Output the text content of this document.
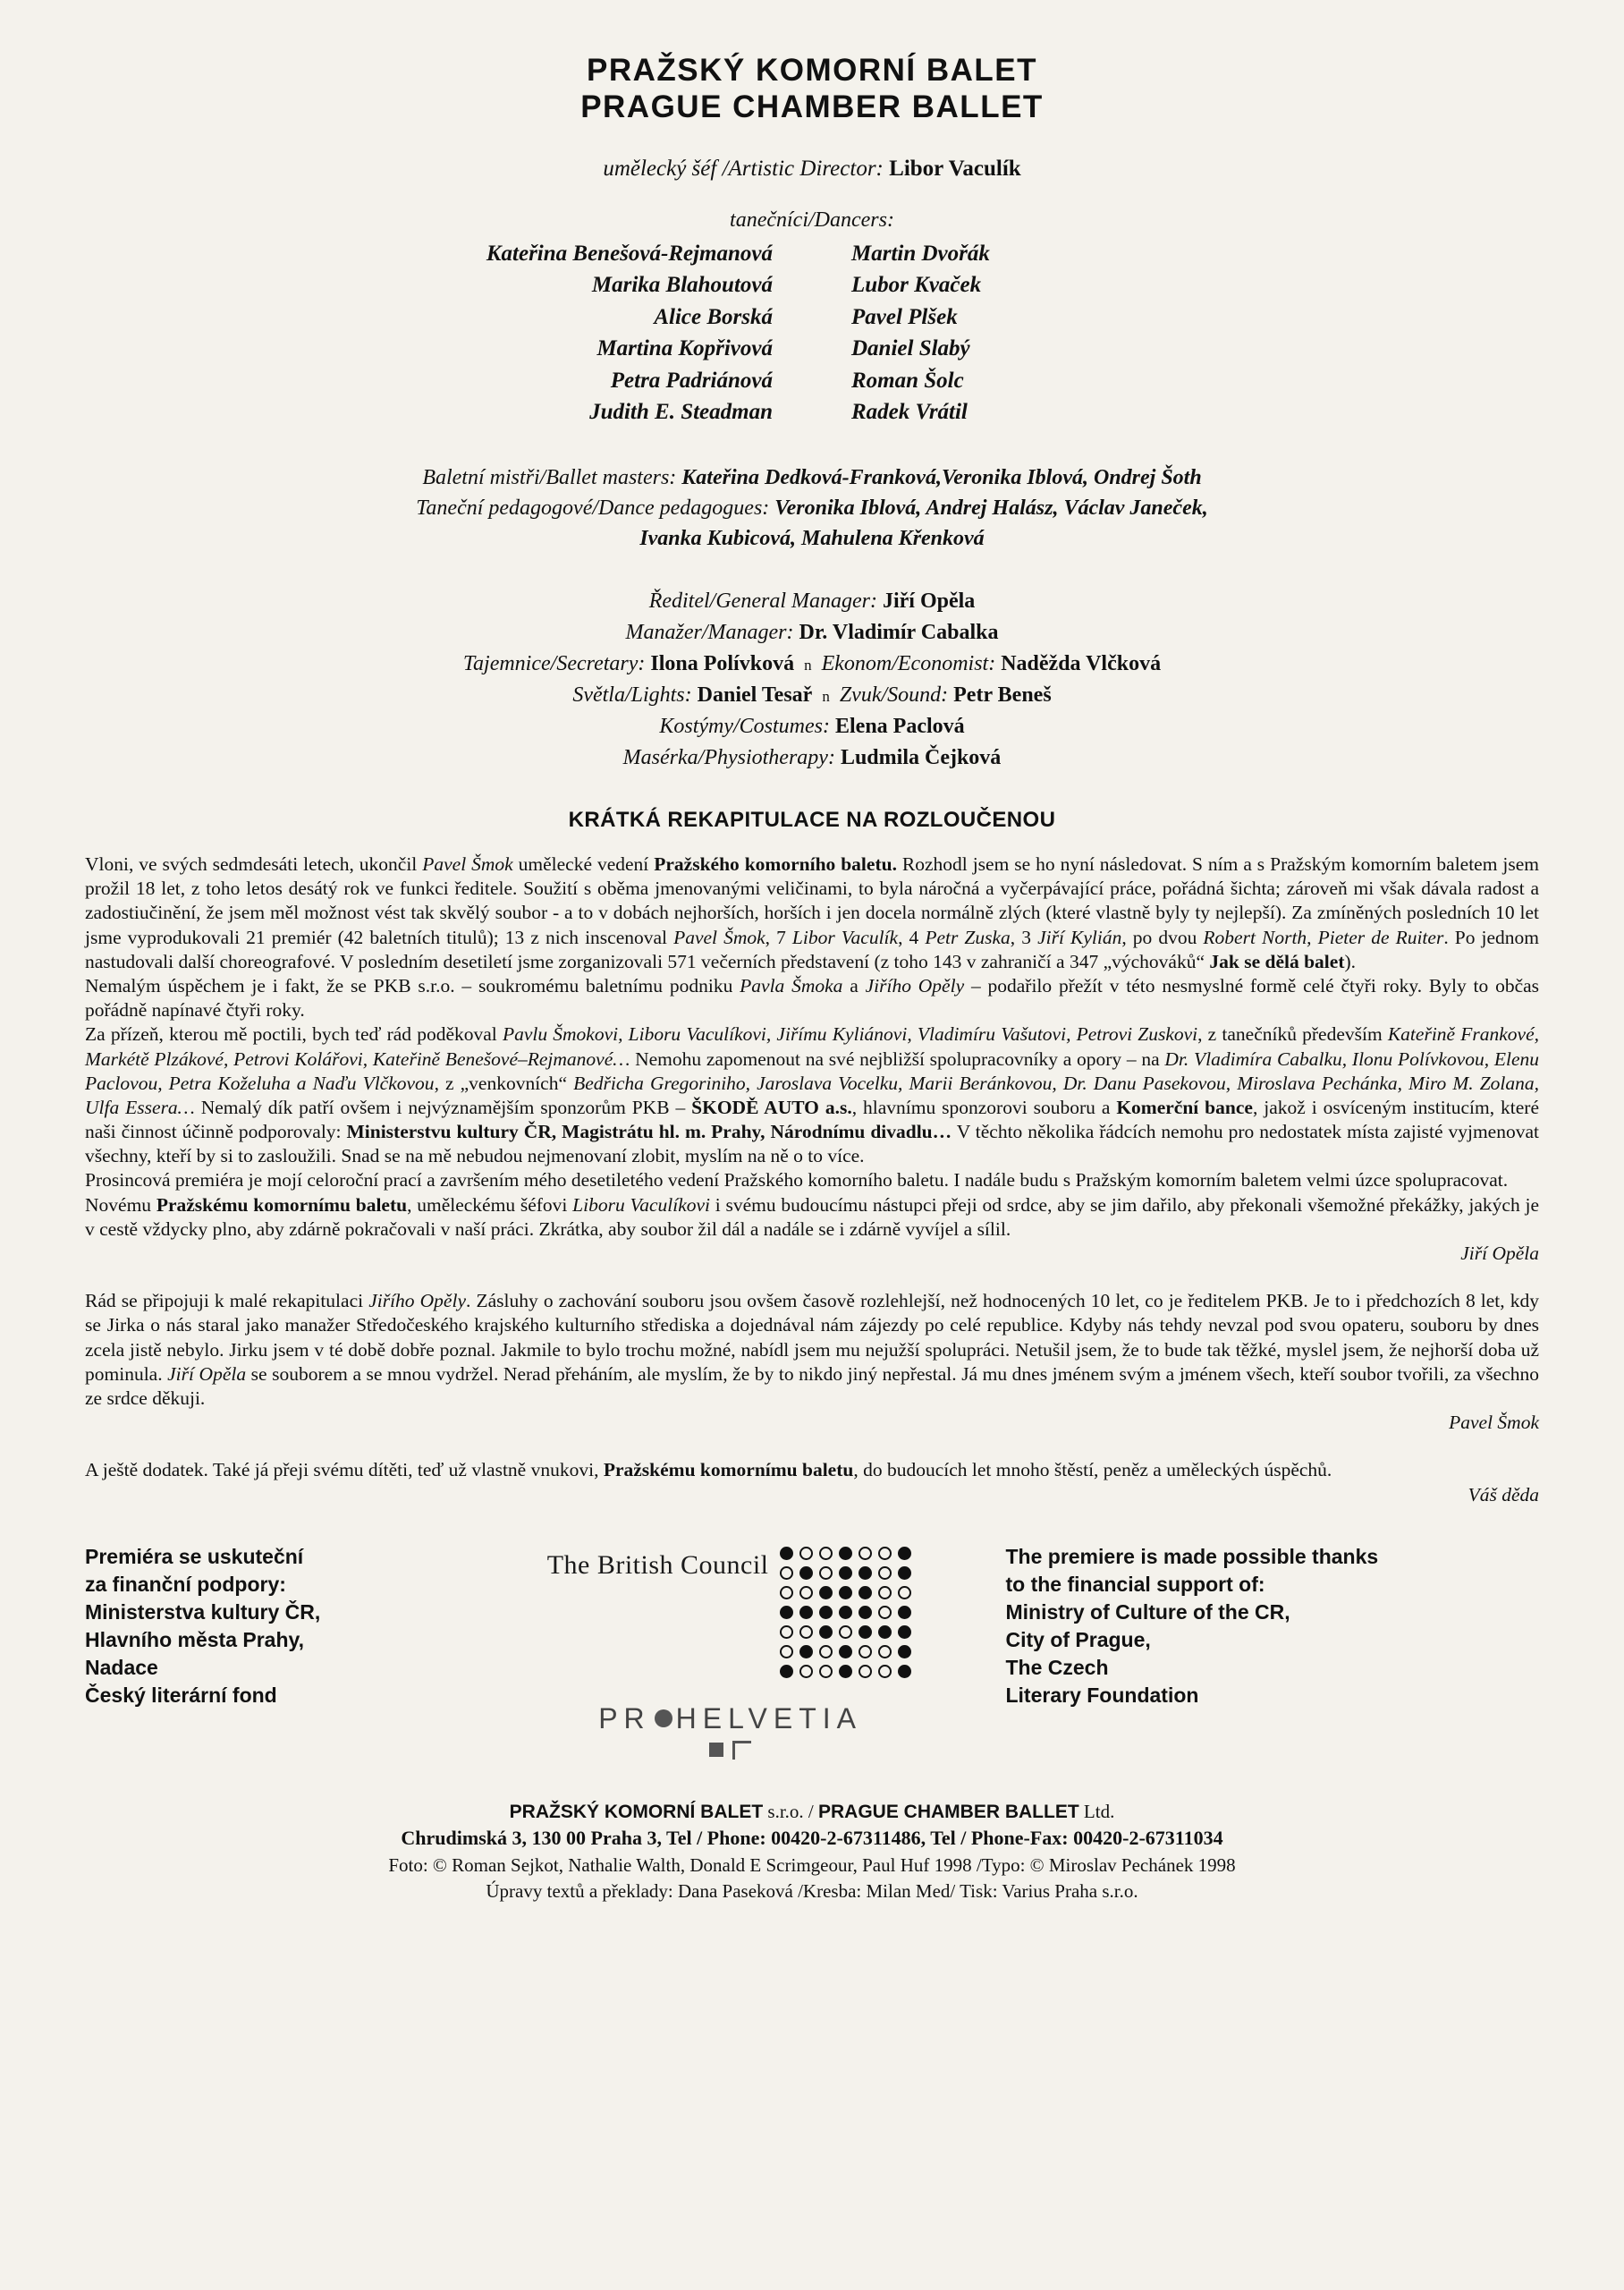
PRAŽSKÝ KOMORNÍ BALET
PRAGUE CHAMBER BALLET
umělecký šéf /Artistic Director: Libor Vaculík
tanečníci/Dancers:
Kateřina Benešová-Rejmanová
Marika Blahoutová
Alice Borská
Martina Kopřivová
Petra Padriánová
Judith E. Steadman
Martin Dvořák
Lubor Kvaček
Pavel Plšek
Daniel Slabý
Roman Šolc
Radek Vrátil
Baletní mistři/Ballet masters: Kateřina Dedková-Franková,Veronika Iblová, Ondrej Šoth
Taneční pedagogové/Dance pedagogues: Veronika Iblová, Andrej Halász, Václav Janeček,
Ivanka Kubicová, Mahulena Křenková
Ředitel/General Manager: Jiří Opěla
Manažer/Manager: Dr. Vladimír Cabalka
Tajemnice/Secretary: Ilona Polívková n Ekonom/Economist: Naděžda Vlčková
Světla/Lights: Daniel Tesař n Zvuk/Sound: Petr Beneš
Kostýmy/Costumes: Elena Paclová
Masérka/Physiotherapy: Ludmila Čejková
KRÁTKÁ REKAPITULACE NA ROZLOUČENOU

Vloni, ve svých sedmdesáti letech, ukončil Pavel Šmok umělecké vedení Pražského komorního baletu. Rozhodl jsem se ho nyní následovat. S ním a s Pražským komorním baletem jsem prožil 18 let, z toho letos desátý rok ve funkci ředitele. Soužití s oběma jmenovanými veličinami, to byla náročná a vyčerpávající práce, pořádná šichta; zároveň mi však dávala radost a zadostiučinění, že jsem měl možnost vést tak skvělý soubor - a to v dobách nejhorších, horších i jen docela normálně zlých (které vlastně byly ty nejlepší). Za zmíněných posledních 10 let jsme vyprodukovali 21 premiér (42 baletních titulů); 13 z nich inscenoval Pavel Šmok, 7 Libor Vaculík, 4 Petr Zuska, 3 Jiří Kylián, po dvou Robert North, Pieter de Ruiter. Po jednom nastudovali další choreografové. V posledním desetiletí jsme zorganizovali 571 večerních představení (z toho 143 v zahraničí a 347 „výchováků“ Jak se dělá balet).

Nemalým úspěchem je i fakt, že se PKB s.r.o. – soukromému baletnímu podniku Pavla Šmoka a Jiřího Opěly – podařilo přežít v této nesmyslné formě celé čtyři roky. Byly to občas pořádně napínavé čtyři roky.

Za přízeň, kterou mě poctili, bych teď rád poděkoval Pavlu Šmokovi, Liboru Vaculíkovi, Jiřímu Kyliánovi, Vladimíru Vašutovi, Petrovi Zuskovi, z tanečníků především Kateřině Frankové, Markétě Plzákové, Petrovi Kolářovi, Kateřině Benešové–Rejmanové… Nemohu zapomenout na své nejbližší spolupracovníky a opory – na Dr. Vladimíra Cabalku, Ilonu Polívkovou, Elenu Paclovou, Petra Koželuha a Naďu Vlčkovou, z „venkovních“ Bedřicha Gregoriniho, Jaroslava Vocelku, Marii Beránkovou, Dr. Danu Pasekovou, Miroslava Pechánka, Miro M. Zolana, Ulfa Essera… Nemalý dík patří ovšem i nejvýznamějším sponzorům PKB – ŠKODĚ AUTO a.s., hlavnímu sponzorovi souboru a Komerční bance, jakož i osvíceným institucím, které naši činnost účinně podporovaly: Ministerstvu kultury ČR, Magistrátu hl. m. Prahy, Národnímu divadlu… V těchto několika řádcích nemohu pro nedostatek místa zajisté vyjmenovat všechny, kteří by si to zasloužili. Snad se na mě nebudou nejmenovaní zlobit, myslím na ně o to více.

Prosincová premiéra je mojí celoroční prací a završením mého desetiletého vedení Pražského komorního baletu. I nadále budu s Pražským komorním baletem velmi úzce spolupracovat.

Novému Pražskému komornímu baletu, uměleckému šéfovi Liboru Vaculíkovi i svému budoucímu nástupci přeji od srdce, aby se jim dařilo, aby překonali všemožné překážky, jakých je v cestě vždycky plno, aby zdárně pokračovali v naší práci. Zkrátka, aby soubor žil dál a nadále se i zdárně vyvíjel a sílil.

Jiří Opěla

Rád se připojuji k malé rekapitulaci Jiřího Opěly. Zásluhy o zachování souboru jsou ovšem časově rozlehlejší, než hodnocených 10 let, co je ředitelem PKB. Je to i předchozích 8 let, kdy se Jirka o nás staral jako manažer Středočeského krajského kulturního střediska a dojednával nám zájezdy po celé republice. Kdyby nás tehdy nevzal pod svou opateru, souboru by dnes zcela jistě nebylo. Jirku jsem v té době dobře poznal. Jakmile to bylo trochu možné, nabídl jsem mu nejužší spolupráci. Netušil jsem, že to bude tak těžké, myslel jsem, že nejhorší doba už pominula. Jiří Opěla se souborem a se mnou vydržel. Nerad přeháním, ale myslím, že by to nikdo jiný nepřestal. Já mu dnes jménem svým a jménem všech, kteří soubor tvořili, za všechno ze srdce děkuji.

Pavel Šmok

A ještě dodatek. Také já přeji svému dítěti, teď už vlastně vnukovi, Pražskému komornímu baletu, do budoucích let mnoho štěstí, peněz a uměleckých úspěchů.

Váš děda

Premiéra se uskuteční
za finanční podpory:
Ministerstva kultury ČR,
Hlavního města Prahy,
Nadace
Český literární fond
The British Council
PR HELVETIA
The premiere is made possible thanks
to the financial support of:
Ministry of Culture of the CR,
City of Prague,
The Czech
Literary Foundation
PRAŽSKÝ KOMORNÍ BALET s.r.o. / PRAGUE CHAMBER BALLET Ltd.
Chrudimská 3, 130 00 Praha 3, Tel / Phone: 00420-2-67311486, Tel / Phone-Fax: 00420-2-67311034
Foto: © Roman Sejkot, Nathalie Walth, Donald E Scrimgeour, Paul Huf 1998 /Typo: © Miroslav Pechánek 1998
Úpravy textů a překlady: Dana Paseková /Kresba: Milan Med/ Tisk: Varius Praha s.r.o.
